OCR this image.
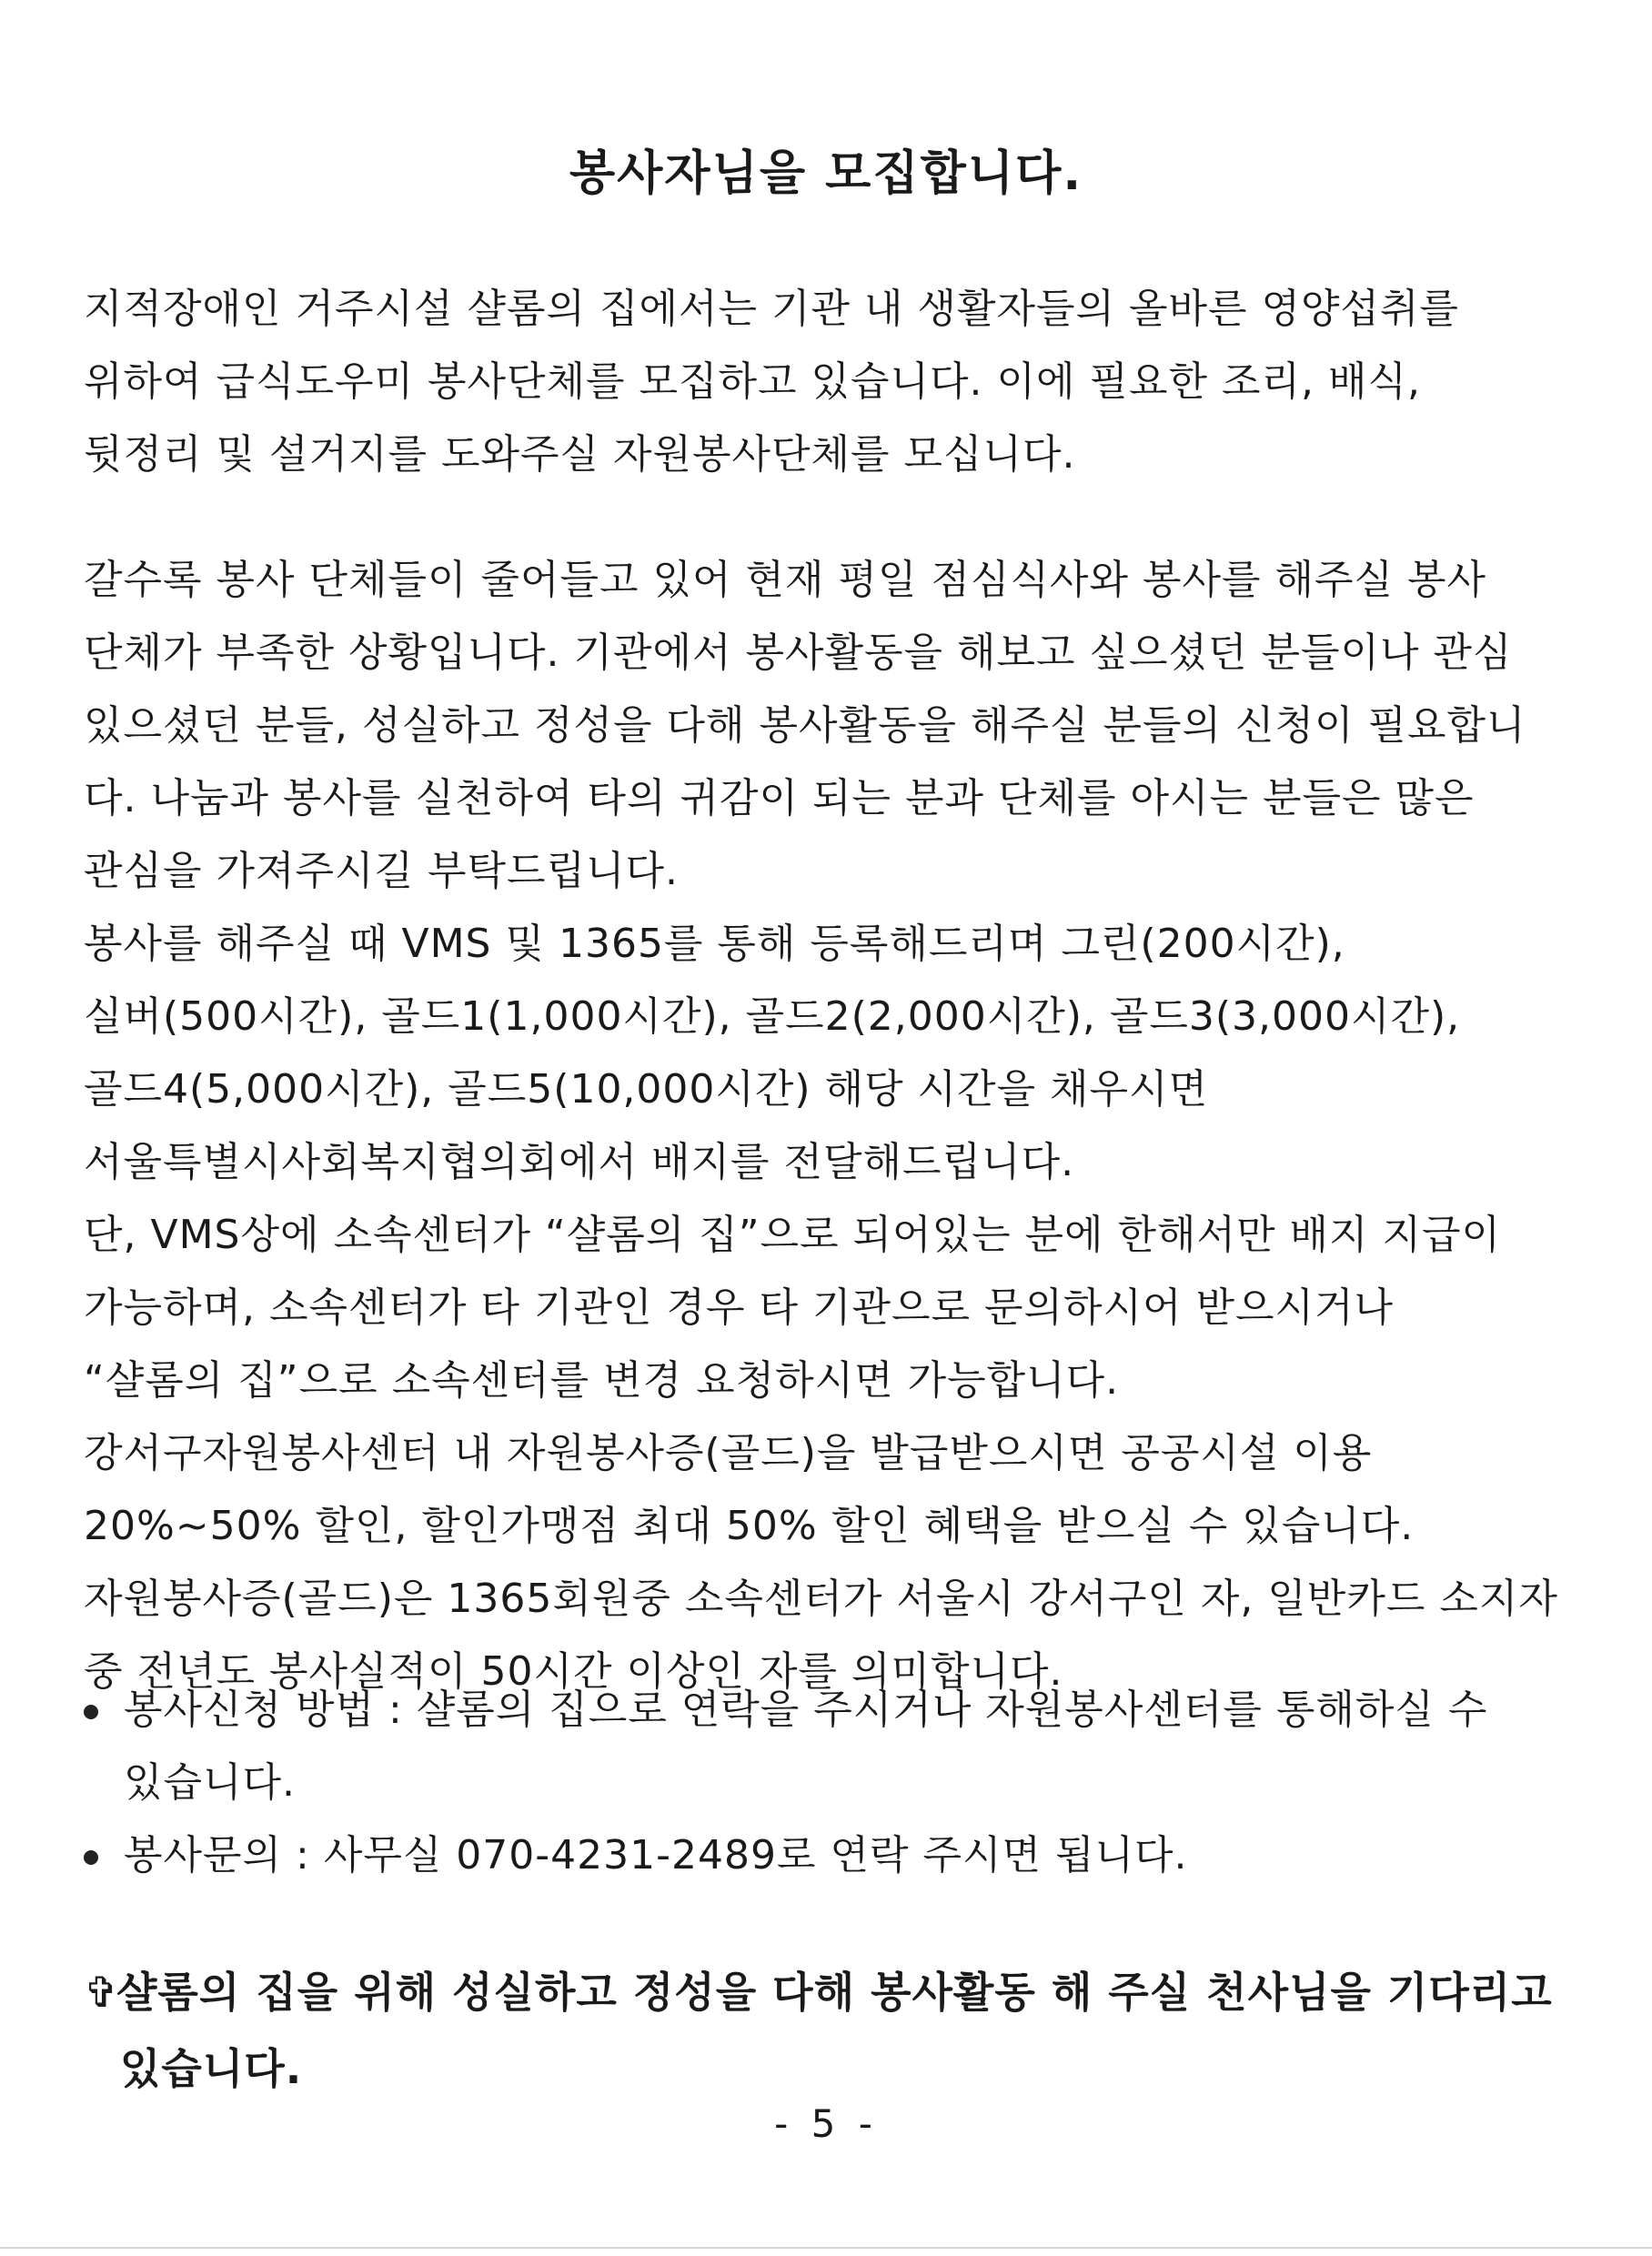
봉사자님을 모집합니다.
지적장애인 거주시설 샬롬의 집에서는 기관 내 생활자들의 올바른 영양섭취를
위하여 급식도우미 봉사단체를 모집하고 있습니다. 이에 필요한 조리, 배식,
뒷정리 및 설거지를 도와주실 자원봉사단체를 모십니다.
갈수록 봉사 단체들이 줄어들고 있어 현재 평일 점심식사와 봉사를 해주실 봉사
단체가 부족한 상황입니다. 기관에서 봉사활동을 해보고 싶으셨던 분들이나 관심
있으셨던 분들, 성실하고 정성을 다해 봉사활동을 해주실 분들의 신청이 필요합니
다. 나눔과 봉사를 실천하여 타의 귀감이 되는 분과 단체를 아시는 분들은 많은
관심을 가져주시길 부탁드립니다.
봉사를 해주실 때 VMS 및 1365를 통해 등록해드리며 그린(200시간),
실버(500시간), 골드1(1,000시간), 골드2(2,000시간), 골드3(3,000시간),
골드4(5,000시간), 골드5(10,000시간) 해당 시간을 채우시면
서울특별시사회복지협의회에서 배지를 전달해드립니다.
단, VMS상에 소속센터가 “샬롬의 집”으로 되어있는 분에 한해서만 배지 지급이
가능하며, 소속센터가 타 기관인 경우 타 기관으로 문의하시어 받으시거나
“샬롬의 집”으로 소속센터를 변경 요청하시면 가능합니다.
강서구자원봉사센터 내 자원봉사증(골드)을 발급받으시면 공공시설 이용
20%~50% 할인, 할인가맹점 최대 50% 할인 혜택을 받으실 수 있습니다.
자원봉사증(골드)은 1365회원중 소속센터가 서울시 강서구인 자, 일반카드 소지자
중 전년도 봉사실적이 50시간 이상인 자를 의미합니다.
봉사신청 방법 : 샬롬의 집으로 연락을 주시거나 자원봉사센터를 통해하실 수
있습니다.
봉사문의 : 사무실 070-4231-2489로 연락 주시면 됩니다.
✞샬롬의 집을 위해 성실하고 정성을 다해 봉사활동 해 주실 천사님을 기다리고
있습니다.
- 5 -
